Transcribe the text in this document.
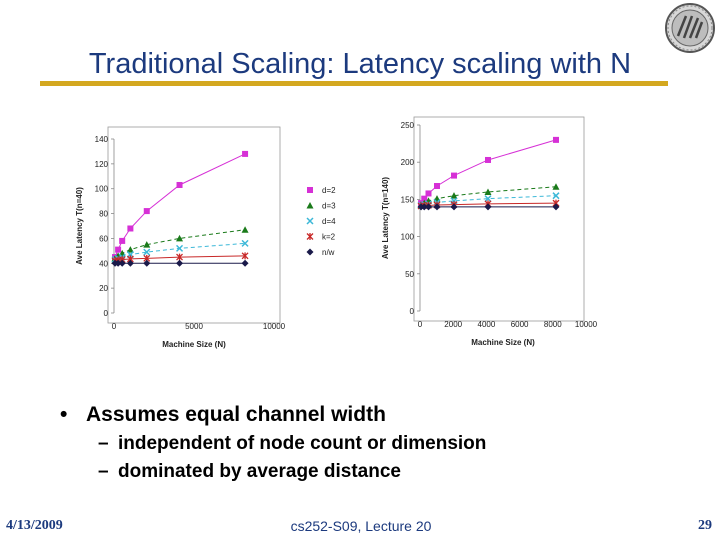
Traditional Scaling: Latency scaling with N
0
20
40
60
80
100
120
140
0	5000	10000
Machine Size (N)
Ave Latency T(n=40)	d=2
d=3
d=4
k=2
n/w
0
50
100
150
200
250
0	2000 4000 6000 8000 10000
Machine Size (N)
Ave Latency T(n=140)
• Assumes equal channel width
– independent of node count or dimension
– dominated by average distance
4/13/2009	cs252-S09, Lecture 20	29
